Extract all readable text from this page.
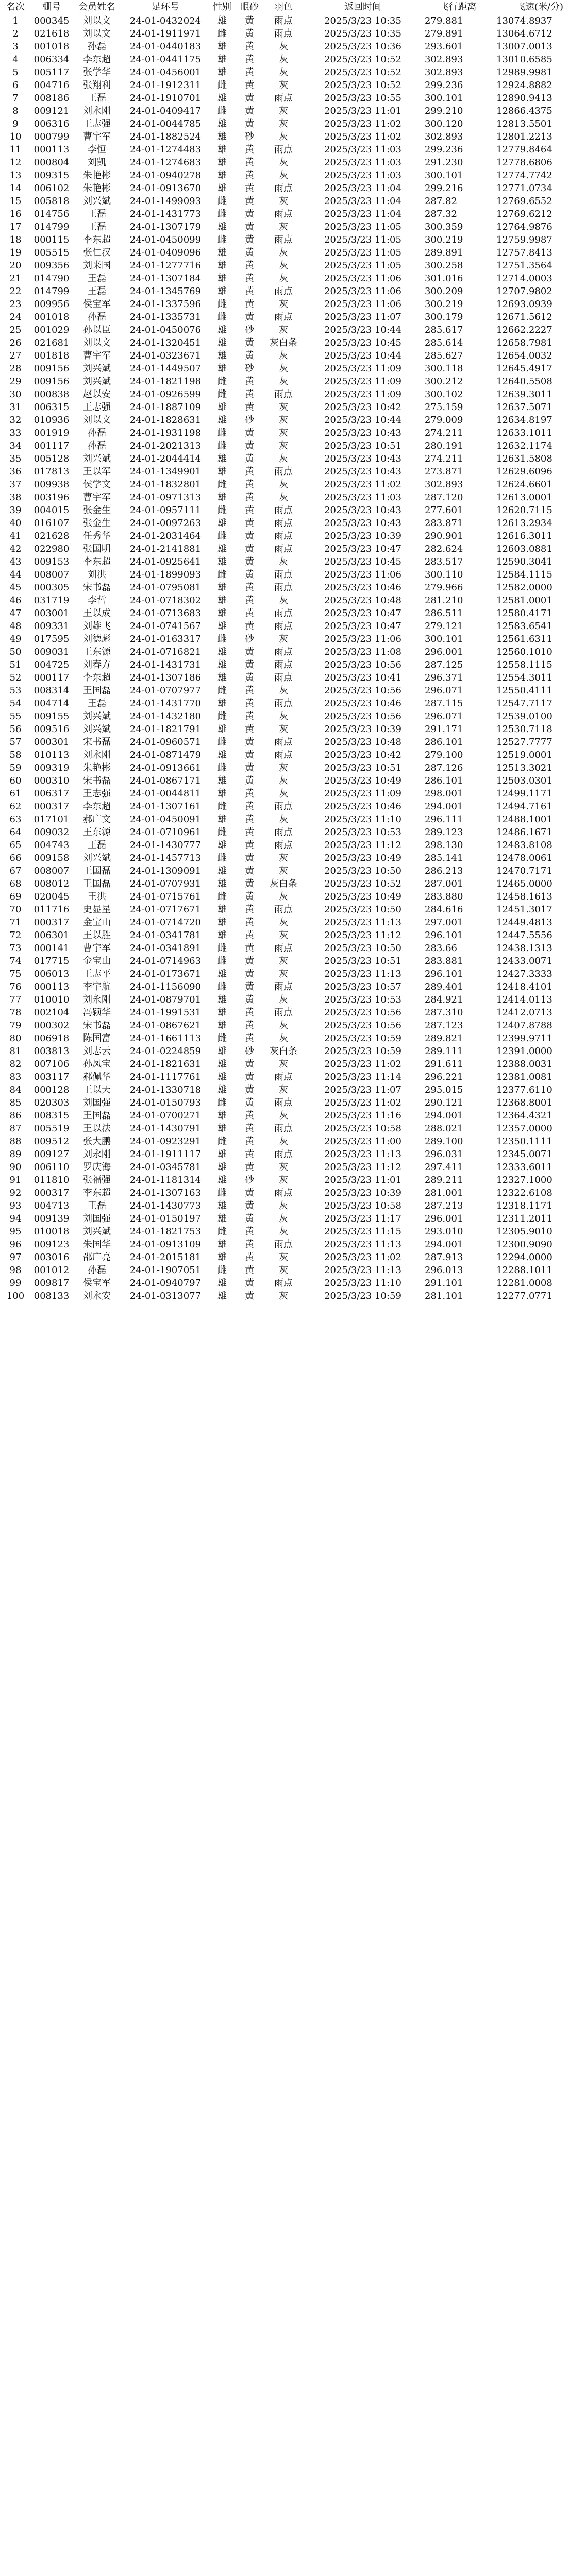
名次	棚号	会员姓名	足环号	性别	眼砂	羽色	返回时间	飞行距离	飞速(米/分)
1	000345	刘以文	24-01-0432024	雄	黄	雨点	2025/3/23 10:35	279.881	13074.8937
2	021618	刘以文	24-01-1911971	雌	黄	雨点	2025/3/23 10:35	279.891	13064.6712
3	001018	孙磊	24-01-0440183	雄	黄	灰	2025/3/23 10:36	293.601	13007.0013
4	006334	李东超	24-01-0441175	雄	黄	灰	2025/3/23 10:52	302.893	13010.6585
5	005117	张学华	24-01-0456001	雄	黄	灰	2025/3/23 10:52	302.893	12989.9981
6	004716	张翔利	24-01-1912311	雌	黄	灰	2025/3/23 10:52	299.236	12924.8882
7	008186	王磊	24-01-1910701	雄	黄	雨点	2025/3/23 10:55	300.101	12890.9413
8	009121	刘永刚	24-01-0409417	雌	黄	灰	2025/3/23 11:01	299.210	12866.4375
9	006316	王志强	24-01-0044785	雄	黄	灰	2025/3/23 11:02	300.120	12813.5501
10	000799	曹宇军	24-01-1882524	雄	砂	灰	2025/3/23 11:02	302.893	12801.2213
11	000113	李恒	24-01-1274483	雄	黄	雨点	2025/3/23 11:03	299.236	12779.8464
12	000804	刘凯	24-01-1274683	雄	黄	灰	2025/3/23 11:03	291.230	12778.6806
13	009315	朱艳彬	24-01-0940278	雄	黄	灰	2025/3/23 11:03	300.101	12774.7742
14	006102	朱艳彬	24-01-0913670	雄	黄	雨点	2025/3/23 11:04	299.216	12771.0734
15	005818	刘兴斌	24-01-1499093	雌	黄	灰	2025/3/23 11:04	287.82	12769.6552
16	014756	王磊	24-01-1431773	雌	黄	雨点	2025/3/23 11:04	287.32	12769.6212
17	014799	王磊	24-01-1307179	雄	黄	灰	2025/3/23 11:05	300.359	12764.9876
18	000115	李东超	24-01-0450099	雌	黄	雨点	2025/3/23 11:05	300.219	12759.9987
19	005515	张仁汉	24-01-0409096	雄	黄	灰	2025/3/23 11:05	289.891	12757.8413
20	009356	刘来国	24-01-1277716	雄	黄	灰	2025/3/23 11:05	300.258	12751.3564
21	014790	王磊	24-01-1307184	雄	黄	灰	2025/3/23 11:06	301.016	12714.0003
22	014799	王磊	24-01-1345769	雄	黄	雨点	2025/3/23 11:06	300.209	12707.9802
23	009956	侯宝军	24-01-1337596	雌	黄	灰	2025/3/23 11:06	300.219	12693.0939
24	001018	孙磊	24-01-1335731	雌	黄	雨点	2025/3/23 11:07	300.179	12671.5612
25	001029	孙以臣	24-01-0450076	雄	砂	灰	2025/3/23 10:44	285.617	12662.2227
26	021681	刘以文	24-01-1320451	雄	黄	灰白条	2025/3/23 10:45	285.614	12658.7981
27	001818	曹宇军	24-01-0323671	雄	黄	灰	2025/3/23 10:44	285.627	12654.0032
28	009156	刘兴斌	24-01-1449507	雄	砂	灰	2025/3/23 11:09	300.118	12645.4917
29	009156	刘兴斌	24-01-1821198	雌	黄	灰	2025/3/23 11:09	300.212	12640.5508
30	000838	赵以安	24-01-0926599	雌	黄	雨点	2025/3/23 11:09	300.102	12639.3011
31	006315	王志强	24-01-1887109	雄	黄	灰	2025/3/23 10:42	275.159	12637.5071
32	010936	刘以文	24-01-1828631	雄	砂	灰	2025/3/23 10:44	279.009	12634.8197
33	001919	孙磊	24-01-1931198	雌	黄	灰	2025/3/23 10:43	274.211	12633.1011
34	001117	孙磊	24-01-2021313	雌	黄	灰	2025/3/23 10:51	280.191	12632.1174
35	005128	刘兴斌	24-01-2044414	雄	黄	灰	2025/3/23 10:43	274.211	12631.5808
36	017813	王以军	24-01-1349901	雄	黄	雨点	2025/3/23 10:43	273.871	12629.6096
37	009938	侯学文	24-01-1832801	雌	黄	灰	2025/3/23 11:02	302.893	12624.6601
38	003196	曹宇军	24-01-0971313	雄	黄	灰	2025/3/23 11:03	287.120	12613.0001
39	004015	张金生	24-01-0957111	雌	黄	雨点	2025/3/23 10:43	277.601	12620.7115
40	016107	张金生	24-01-0097263	雄	黄	雨点	2025/3/23 10:43	283.871	12613.2934
41	021628	任秀华	24-01-2031464	雌	黄	雨点	2025/3/23 10:39	290.901	12616.3011
42	022980	张国明	24-01-2141881	雄	黄	雨点	2025/3/23 10:47	282.624	12603.0881
43	009153	李东超	24-01-0925641	雄	黄	灰	2025/3/23 10:45	283.517	12590.3041
44	008007	刘洪	24-01-1899093	雌	黄	雨点	2025/3/23 11:06	300.110	12584.1115
45	000305	宋书磊	24-01-0795081	雄	黄	雨点	2025/3/23 10:46	279.966	12582.0000
46	031719	李哲	24-01-0718302	雄	黄	灰	2025/3/23 10:48	281.210	12581.0001
47	003001	王以成	24-01-0713683	雄	黄	雨点	2025/3/23 10:47	286.511	12580.4171
48	009331	刘雄飞	24-01-0741567	雄	黄	雨点	2025/3/23 10:47	279.121	12583.6541
49	017595	刘德彪	24-01-0163317	雌	砂	灰	2025/3/23 11:06	300.101	12561.6311
50	009031	王东源	24-01-0716821	雄	黄	雨点	2025/3/23 11:08	296.001	12560.1010
51	004725	刘春方	24-01-1431731	雄	黄	雨点	2025/3/23 10:56	287.125	12558.1115
52	000117	李东超	24-01-1307186	雄	黄	雨点	2025/3/23 10:41	296.371	12554.3011
53	008314	王国磊	24-01-0707977	雌	黄	灰	2025/3/23 10:56	296.071	12550.4111
54	004714	王磊	24-01-1431770	雄	黄	雨点	2025/3/23 10:46	287.115	12547.7117
55	009155	刘兴斌	24-01-1432180	雌	黄	灰	2025/3/23 10:56	296.071	12539.0100
56	009516	刘兴斌	24-01-1821791	雄	黄	灰	2025/3/23 10:39	291.171	12530.7118
57	000301	宋书磊	24-01-0960571	雌	黄	雨点	2025/3/23 10:48	286.101	12527.7777
58	010113	刘永刚	24-01-0871479	雄	黄	雨点	2025/3/23 10:42	279.100	12519.0001
59	009319	朱艳彬	24-01-0913661	雌	黄	灰	2025/3/23 10:51	287.126	12513.3021
60	000310	宋书磊	24-01-0867171	雄	黄	灰	2025/3/23 10:49	286.101	12503.0301
61	006317	王志强	24-01-0044811	雄	黄	灰	2025/3/23 11:09	298.001	12499.1171
62	000317	李东超	24-01-1307161	雌	黄	雨点	2025/3/23 10:46	294.001	12494.7161
63	017101	郝广文	24-01-0450091	雄	黄	灰	2025/3/23 11:10	296.111	12488.1001
64	009032	王东源	24-01-0710961	雌	黄	雨点	2025/3/23 10:53	289.123	12486.1671
65	004743	王磊	24-01-1430777	雄	黄	雨点	2025/3/23 11:12	298.130	12483.8108
66	009158	刘兴斌	24-01-1457713	雌	黄	灰	2025/3/23 10:49	285.141	12478.0061
67	008007	王国磊	24-01-1309091	雄	黄	灰	2025/3/23 10:50	286.213	12470.7171
68	008012	王国磊	24-01-0707931	雄	黄	灰白条	2025/3/23 10:52	287.001	12465.0000
69	020045	王洪	24-01-0715761	雌	黄	灰	2025/3/23 10:49	283.880	12458.1613
70	011716	史显星	24-01-0717671	雄	黄	雨点	2025/3/23 10:50	284.616	12451.3017
71	000317	金宝山	24-01-0714720	雄	黄	灰	2025/3/23 11:13	297.001	12449.4813
72	006301	王以胜	24-01-0341781	雄	黄	灰	2025/3/23 11:12	296.101	12447.5556
73	000141	曹宇军	24-01-0341891	雌	黄	雨点	2025/3/23 10:50	283.66	12438.1313
74	017715	金宝山	24-01-0714963	雌	黄	灰	2025/3/23 10:51	283.881	12433.0071
75	006013	王志平	24-01-0173671	雄	黄	灰	2025/3/23 11:13	296.101	12427.3333
76	000113	李宇航	24-01-1156090	雌	黄	雨点	2025/3/23 10:57	289.401	12418.4101
77	010010	刘永刚	24-01-0879701	雄	黄	灰	2025/3/23 10:53	284.921	12414.0113
78	002104	冯颖华	24-01-1991531	雄	黄	雨点	2025/3/23 10:56	287.310	12412.0713
79	000302	宋书磊	24-01-0867621	雄	黄	灰	2025/3/23 10:56	287.123	12407.8788
80	006918	陈国富	24-01-1661113	雌	黄	灰	2025/3/23 10:59	289.821	12399.9711
81	003813	刘志云	24-01-0224859	雄	砂	灰白条	2025/3/23 10:59	289.111	12391.0000
82	007106	孙凤宝	24-01-1821631	雄	黄	灰	2025/3/23 11:02	291.611	12388.0031
83	003117	郝佩华	24-01-1117761	雄	黄	雨点	2025/3/23 11:14	296.221	12381.0081
84	000128	王以天	24-01-1330718	雄	黄	灰	2025/3/23 11:07	295.015	12377.6110
85	020303	刘国强	24-01-0150793	雌	黄	雨点	2025/3/23 11:02	290.121	12368.8001
86	008315	王国磊	24-01-0700271	雄	黄	灰	2025/3/23 11:16	294.001	12364.4321
87	005519	王以法	24-01-1430791	雄	黄	雨点	2025/3/23 10:58	288.021	12357.0000
88	009512	张大鹏	24-01-0923291	雌	黄	灰	2025/3/23 11:00	289.100	12350.1111
89	009127	刘永刚	24-01-1911117	雄	黄	雨点	2025/3/23 11:13	296.031	12345.0071
90	006110	罗庆海	24-01-0345781	雄	黄	灰	2025/3/23 11:12	297.411	12333.6011
91	011810	张福强	24-01-1181314	雄	砂	灰	2025/3/23 11:01	289.211	12327.1000
92	000317	李东超	24-01-1307163	雌	黄	雨点	2025/3/23 10:39	281.001	12322.6108
93	004713	王磊	24-01-1430773	雄	黄	灰	2025/3/23 10:58	287.213	12318.1171
94	009139	刘国强	24-01-0150197	雄	黄	灰	2025/3/23 11:17	296.001	12311.2011
95	010018	刘兴斌	24-01-1821753	雌	黄	灰	2025/3/23 11:15	293.010	12305.9010
96	009123	朱国华	24-01-0913109	雄	黄	雨点	2025/3/23 11:13	294.001	12300.9090
97	003016	邵广亮	24-01-2015181	雄	黄	灰	2025/3/23 11:02	287.913	12294.0000
98	001012	孙磊	24-01-1907051	雌	黄	灰	2025/3/23 11:13	296.013	12288.1011
99	009817	侯宝军	24-01-0940797	雄	黄	雨点	2025/3/23 11:10	291.101	12281.0008
100	008133	刘永安	24-01-0313077	雄	黄	灰	2025/3/23 10:59	281.101	12277.0771
